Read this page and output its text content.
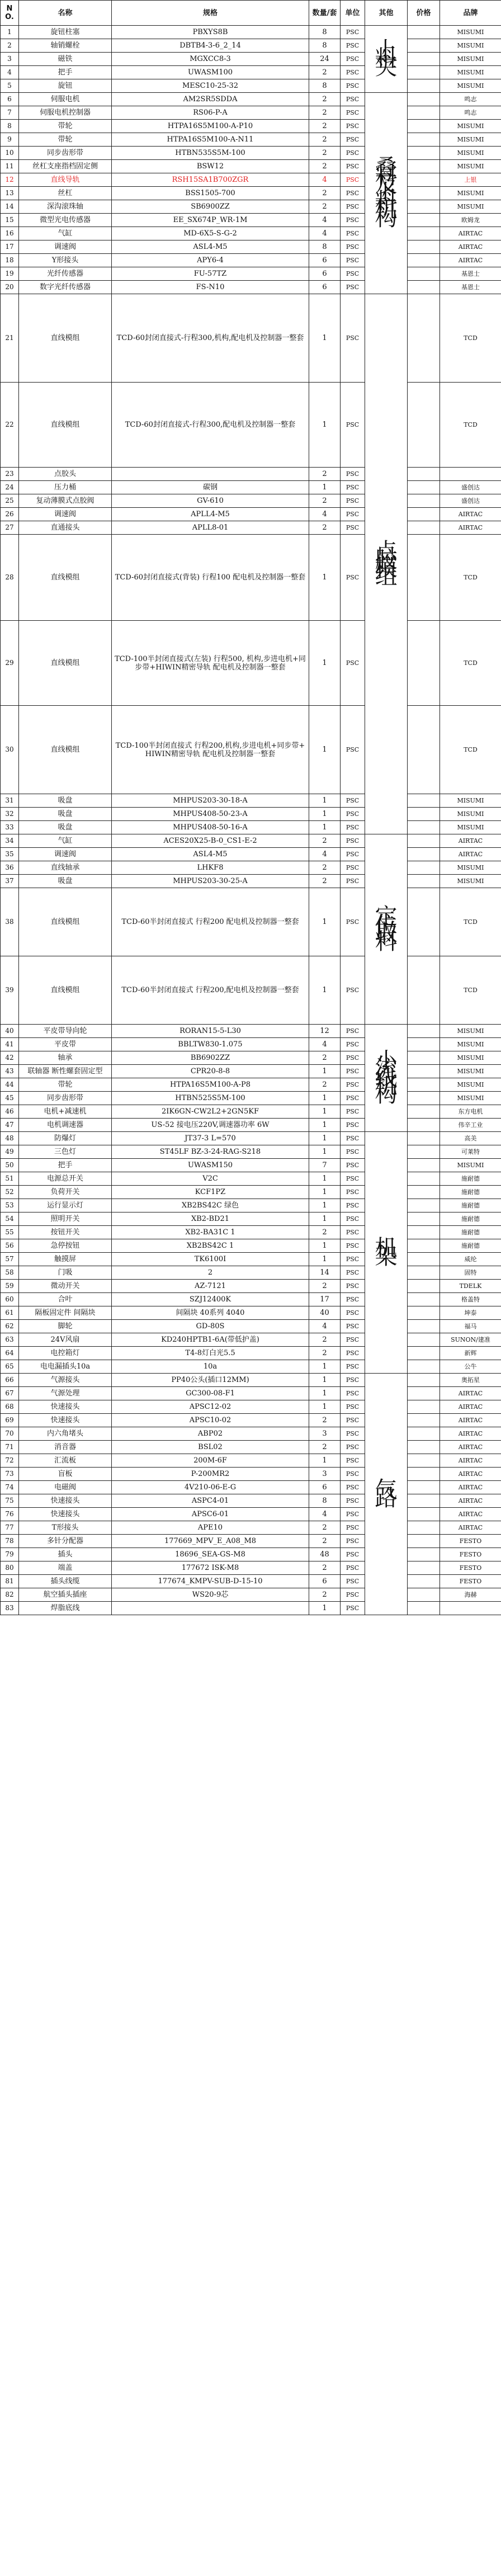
NO.	名称	规格	数量/套	单位	其他	价格	品牌
1	旋钮柱塞	PBXYS8B	8	PSC	上料夹		MISUMI
2	轴销螺栓	DBTB4-3-6_2_14	8	PSC			MISUMI
3	磁铁	MGXCC8-3	24	PSC			MISUMI
4	把手	UWASM100	2	PSC			MISUMI
5	旋钮	MESC10-25-32	8	PSC			MISUMI
6	伺服电机	AM2SR5SDDA	2	PSC	叠料及上料机构		鸣志
7	伺服电机控制器	RS06-P-A	2	PSC			鸣志
8	带轮	HTPA16S5M100-A-P10	2	PSC			MISUMI
9	带轮	HTPA16S5M100-A-N11	2	PSC			MISUMI
10	同步齿形带	HTBN535S5M-100	2	PSC			MISUMI
11	丝杠支座指档固定侧	BSW12	2	PSC			MISUMI
12	直线导轨	RSH15SA1B700ZGR	4	PSC			上银
13	丝杠	BSS1505-700	2	PSC			MISUMI
14	深沟滚珠轴	SB6900ZZ	2	PSC			MISUMI
15	微型光电传感器	EE_SX674P_WR-1M	4	PSC			欧姆龙
16	气缸	MD-6X5-S-G-2	4	PSC			AIRTAC
17	调速阀	ASL4-M5	8	PSC			AIRTAC
18	Y形接头	APY6-4	6	PSC			AIRTAC
19	光纤传感器	FU-57TZ	6	PSC			基恩士
20	数字光纤传感器	FS-N10	6	PSC			基恩士
21	直线模组	TCD-60封闭直接式-行程300,机构,配电机及控制器一整套	1	PSC	点胶模组		TCD
22	直线模组	TCD-60封闭直接式-行程300,配电机及控制器一整套	1	PSC			TCD
23	点胶头		2	PSC			
24	压力桶	碳钢	1	PSC			盛创达
25	复动薄膜式点胶阀	GV-610	2	PSC			盛创达
26	调速阀	APLL4-M5	4	PSC			AIRTAC
27	直通接头	APLL8-01	2	PSC			AIRTAC
28	直线模组	TCD-60封闭直接式(背装) 行程100 配电机及控制器一整套	1	PSC			TCD
29	直线模组	TCD-100半封闭直接式(左装) 行程500, 机构,步进电机+同步带+HIWIN精密导轨 配电机及控制器一整套	1	PSC			TCD
30	直线模组	TCD-100半封闭直接式 行程200,机构,步进电机+同步带+HIWIN精密导轨 配电机及控制器一整套	1	PSC			TCD
31	吸盘	MHPUS203-30-18-A	1	PSC			MISUMI
32	吸盘	MHPUS408-50-23-A	1	PSC			MISUMI
33	吸盘	MHPUS408-50-16-A	1	PSC			MISUMI
34	气缸	ACES20X25-B-0_CS1-E-2	2	PSC	定位取料		AIRTAC
35	调速阀	ASL4-M5	4	PSC			AIRTAC
36	直线轴承	LHKF8	2	PSC			MISUMI
37	吸盘	MHPUS203-30-25-A	2	PSC			MISUMI
38	直线模组	TCD-60半封闭直接式 行程200 配电机及控制器一整套	1	PSC			TCD
39	直线模组	TCD-60半封闭直接式 行程200,配电机及控制器一整套	1	PSC			TCD
40	平皮带导向轮	RORAN15-5-L30	12	PSC	小流线机构		MISUMI
41	平皮带	BBLTW830-1.075	4	PSC			MISUMI
42	轴承	BB6902ZZ	2	PSC			MISUMI
43	联轴器 断性螺套固定型	CPR20-8-8	1	PSC			MISUMI
44	带轮	HTPA16S5M100-A-P8	2	PSC			MISUMI
45	同步齿形带	HTBN525S5M-100	1	PSC			MISUMI
46	电机+减速机	2IK6GN-CW2L2+2GN5KF	1	PSC			东方电机
47	电机调速器	US-52 接电压220V,调速器功率 6W	1	PSC			伟辛工业
48	防爆灯	JT37-3 L=570	1	PSC	机架		高美
49	三色灯	ST45LF BZ-3-24-RAG-S218	1	PSC			可莱特
50	把手	UWASM150	7	PSC			MISUMI
51	电源总开关	V2C	1	PSC			施耐德
52	负荷开关	KCF1PZ	1	PSC			施耐德
53	运行显示灯	XB2BS42C 绿色	1	PSC			施耐德
54	照明开关	XB2-BD21	1	PSC			施耐德
55	按钮开关	XB2-BA31C 1	2	PSC			施耐德
56	急停按钮	XB2BS42C 1	1	PSC			施耐德
57	触摸屏	TK6100I	1	PSC			威纶
58	门吸	2	14	PSC			固特
59	微动开关	AZ-7121	2	PSC			TDELK
60	合叶	SZJ12400K	17	PSC			格盖特
61	隔板固定件 间隔块	间隔块 40系列 4040	40	PSC			坤泰
62	脚轮	GD-80S	4	PSC			福马
63	24V风扇	KD240HPTB1-6A(带低护盖)	2	PSC			SUNON/建准
64	电控箱灯	T4-8灯白光5.5	2	PSC			新辉
65	电电漏插头10a	10a	1	PSC			公牛
66	气源接头	PP40公头(插口12MM)	1	PSC	气路		奥拓星
67	气源处理	GC300-08-F1	1	PSC			AIRTAC
68	快速接头	APSC12-02	1	PSC			AIRTAC
69	快速接头	APSC10-02	2	PSC			AIRTAC
70	内六角堵头	ABP02	3	PSC			AIRTAC
71	消音器	BSL02	2	PSC			AIRTAC
72	汇流板	200M-6F	1	PSC			AIRTAC
73	盲板	P-200MR2	3	PSC			AIRTAC
74	电磁阀	4V210-06-E-G	6	PSC			AIRTAC
75	快速接头	ASPC4-01	8	PSC			AIRTAC
76	快速接头	APSC6-01	4	PSC			AIRTAC
77	T形接头	APE10	2	PSC			AIRTAC
78	多针分配器	177669_MPV_E_A08_M8	2	PSC			FESTO
79	插头	18696_SEA-GS-M8	48	PSC			FESTO
80	端盖	177672 ISK-M8	2	PSC			FESTO
81	插头线缆	177674_KMPV-SUB-D-15-10	6	PSC			FESTO
82	航空插头插座	WS20-9芯	2	PSC			海赫
83	焊脂底线		1	PSC			
